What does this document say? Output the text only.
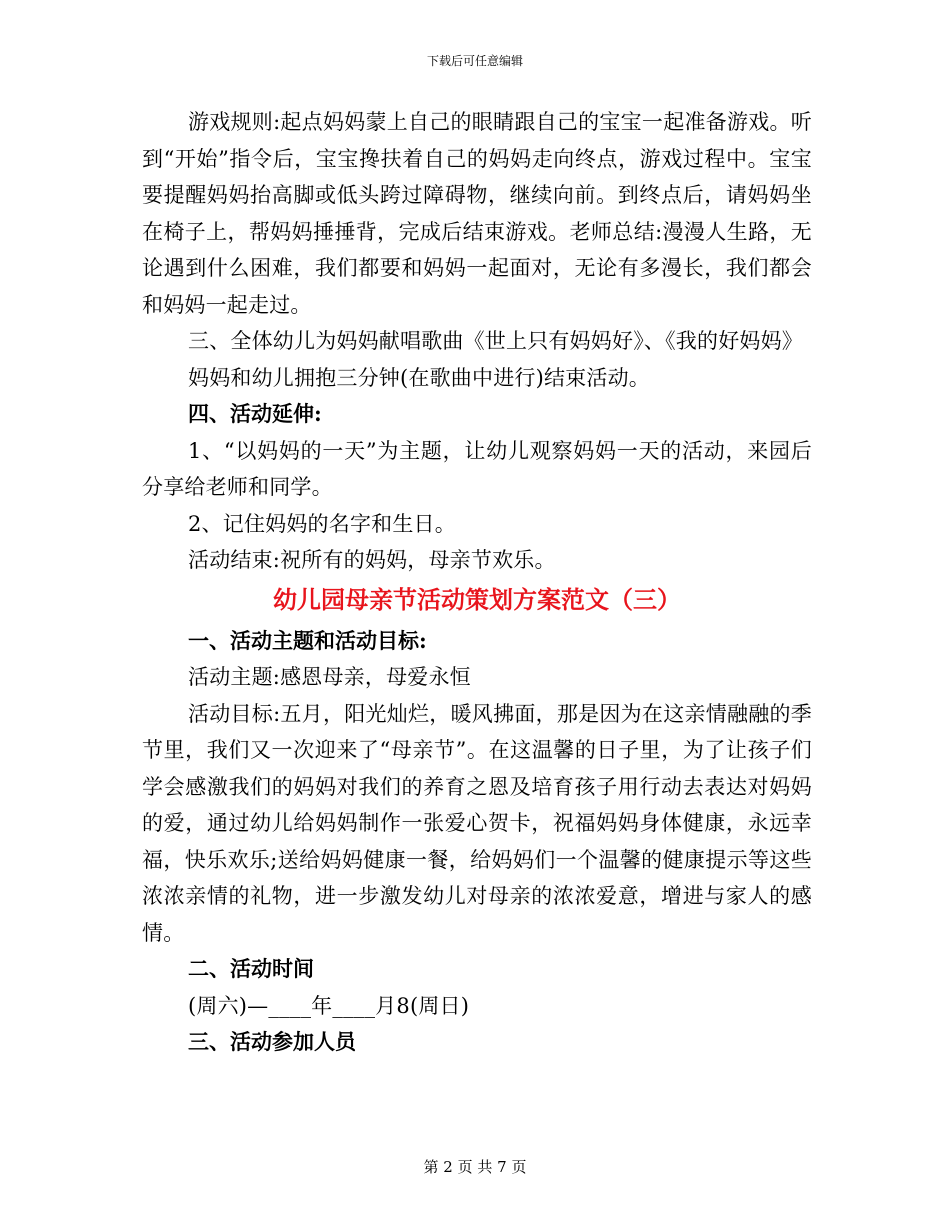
下载后可任意编辑

游戏规则:起点妈妈蒙上自己的眼睛跟自己的宝宝一起准备游戏。听到“开始”指令后，宝宝搀扶着自己的妈妈走向终点，游戏过程中。宝宝要提醒妈妈抬高脚或低头跨过障碍物，继续向前。到终点后，请妈妈坐在椅子上，帮妈妈捶捶背，完成后结束游戏。老师总结:漫漫人生路，无论遇到什么困难，我们都要和妈妈一起面对，无论有多漫长，我们都会和妈妈一起走过。

三、全体幼儿为妈妈献唱歌曲《世上只有妈妈好》、《我的好妈妈》

妈妈和幼儿拥抱三分钟(在歌曲中进行)结束活动。

四、活动延伸:

1、“以妈妈的一天”为主题，让幼儿观察妈妈一天的活动，来园后分享给老师和同学。

2、记住妈妈的名字和生日。

活动结束:祝所有的妈妈，母亲节欢乐。

幼儿园母亲节活动策划方案范文（三）

一、活动主题和活动目标:

活动主题:感恩母亲，母爱永恒

活动目标:五月，阳光灿烂，暖风拂面，那是因为在这亲情融融的季节里，我们又一次迎来了“母亲节”。在这温馨的日子里，为了让孩子们学会感激我们的妈妈对我们的养育之恩及培育孩子用行动去表达对妈妈的爱，通过幼儿给妈妈制作一张爱心贺卡，祝福妈妈身体健康，永远幸福，快乐欢乐;送给妈妈健康一餐，给妈妈们一个温馨的健康提示等这些浓浓亲情的礼物，进一步激发幼儿对母亲的浓浓爱意，增进与家人的感情。

二、活动时间

(周六)—____年____月8(周日)

三、活动参加人员

第 2 页 共 7 页
